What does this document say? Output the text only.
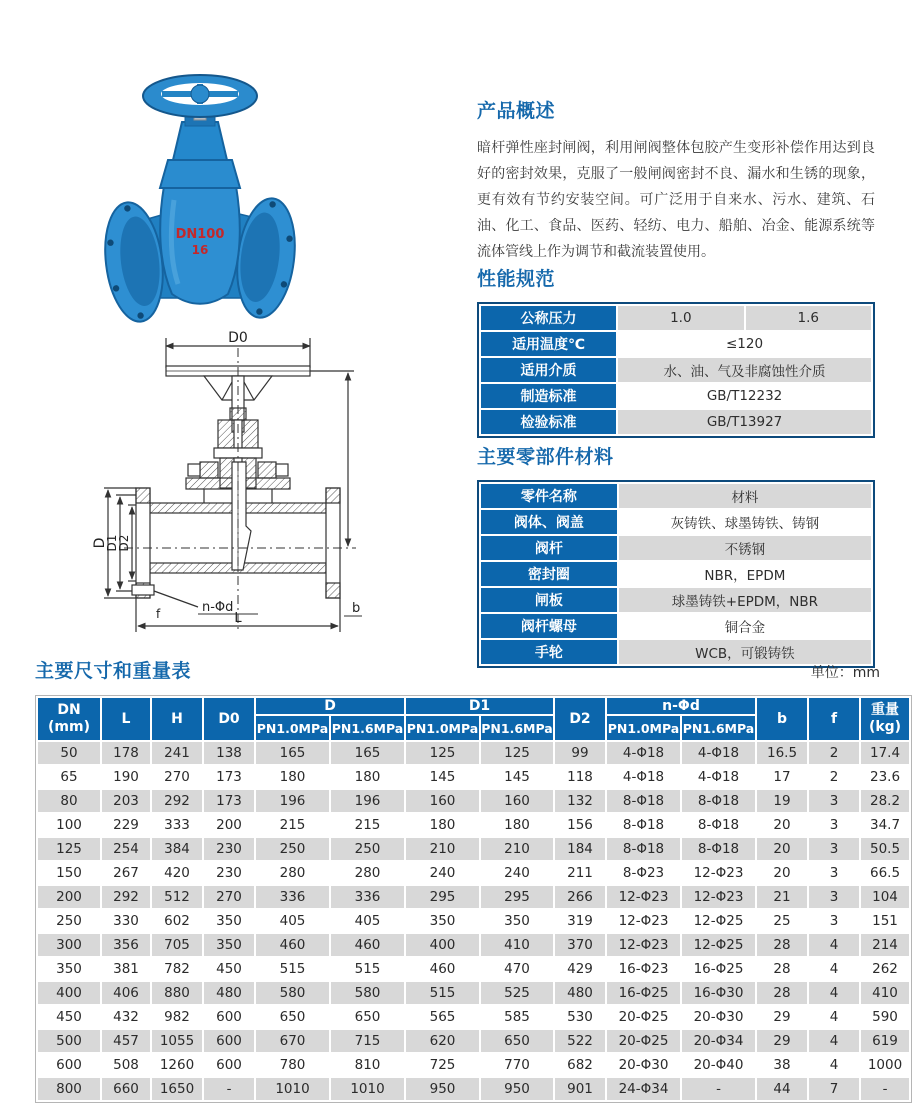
DN100
16
D0
D
D1
D2
n-Φd
f	L
b
产品概述

暗杆弹性座封闸阀，利用闸阀整体包胶产生变形补偿作用达到良好的密封效果，克服了一般闸阀密封不良、漏水和生锈的现象，更有效有节约安装空间。可广泛用于自来水、污水、建筑、石油、化工、食品、医药、轻纺、电力、船舶、冶金、能源系统等流体管线上作为调节和截流装置使用。

性能规范
公称压力	1.0	1.6
适用温度℃	≤120	
适用介质	水、油、气及非腐蚀性介质	
制造标准	GB/T12232	
检验标准	GB/T13927	
主要零部件材料
零件名称	材料
阀体、阀盖	灰铸铁、球墨铸铁、铸钢
阀杆	不锈钢
密封圈	NBR，EPDM
闸板	球墨铸铁+EPDM，NBR
阀杆螺母	铜合金
手轮	WCB，可锻铸铁
主要尺寸和重量表	单位：mm
DN
(mm)	L	H	D0	D		D1		D2	n-Φd		b	f	重量
(kg)
				PN1.0MPa	PN1.6MPa	PN1.0MPa	PN1.6MPa		PN1.0MPa	PN1.6MPa			
50	178	241	138	165	165	125	125	99	4-Φ18	4-Φ18	16.5	2	17.4
65	190	270	173	180	180	145	145	118	4-Φ18	4-Φ18	17	2	23.6
80	203	292	173	196	196	160	160	132	8-Φ18	8-Φ18	19	3	28.2
100	229	333	200	215	215	180	180	156	8-Φ18	8-Φ18	20	3	34.7
125	254	384	230	250	250	210	210	184	8-Φ18	8-Φ18	20	3	50.5
150	267	420	230	280	280	240	240	211	8-Φ23	12-Φ23	20	3	66.5
200	292	512	270	336	336	295	295	266	12-Φ23	12-Φ23	21	3	104
250	330	602	350	405	405	350	350	319	12-Φ23	12-Φ25	25	3	151
300	356	705	350	460	460	400	410	370	12-Φ23	12-Φ25	28	4	214
350	381	782	450	515	515	460	470	429	16-Φ23	16-Φ25	28	4	262
400	406	880	480	580	580	515	525	480	16-Φ25	16-Φ30	28	4	410
450	432	982	600	650	650	565	585	530	20-Φ25	20-Φ30	29	4	590
500	457	1055	600	670	715	620	650	522	20-Φ25	20-Φ34	29	4	619
600	508	1260	600	780	810	725	770	682	20-Φ30	20-Φ40	38	4	1000
800	660	1650	-	1010	1010	950	950	901	24-Φ34	-	44	7	-
